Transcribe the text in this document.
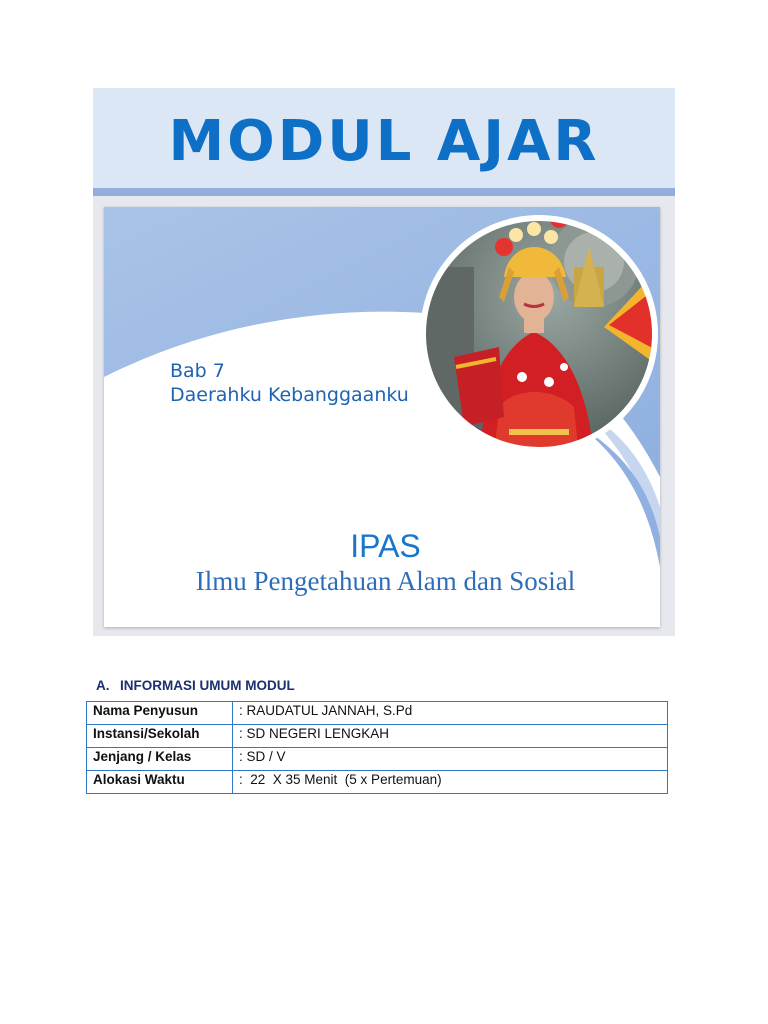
MODUL AJAR
Bab 7
Daerahku Kebanggaanku
IPAS
Ilmu Pengetahuan Alam dan Sosial
A. INFORMASI UMUM MODUL
Nama Penyusun	: RAUDATUL JANNAH, S.Pd
Instansi/Sekolah	: SD NEGERI LENGKAH
Jenjang / Kelas	: SD / V
Alokasi Waktu	:  22  X 35 Menit  (5 x Pertemuan)
